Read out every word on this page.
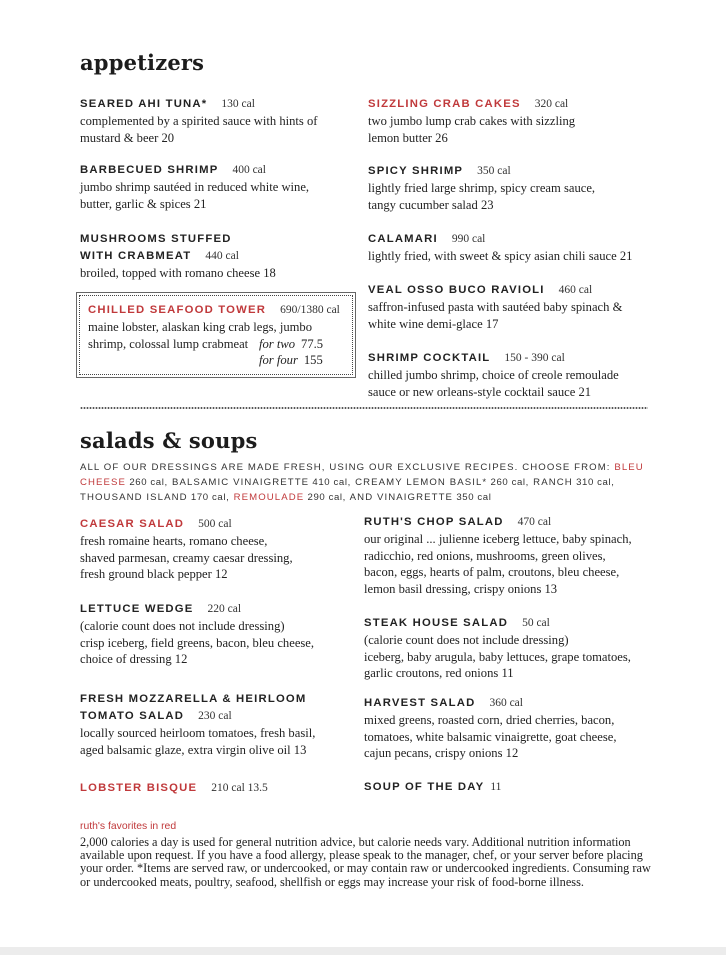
appetizers
SEARED AHI TUNA* 130 cal
complemented by a spirited sauce with hints of
mustard & beer 20
BARBECUED SHRIMP 400 cal
jumbo shrimp sautéed in reduced white wine,
butter, garlic & spices 21
MUSHROOMS STUFFED
WITH CRABMEAT 440 cal
broiled, topped with romano cheese 18
CHILLED SEAFOOD TOWER 690/1380 cal
maine lobster, alaskan king crab legs, jumbo
shrimp, colossal lump crabmeat for two 77.5
for four 155
SIZZLING CRAB CAKES 320 cal
two jumbo lump crab cakes with sizzling
lemon butter 26
SPICY SHRIMP 350 cal
lightly fried large shrimp, spicy cream sauce,
tangy cucumber salad 23
CALAMARI 990 cal
lightly fried, with sweet & spicy asian chili sauce 21
VEAL OSSO BUCO RAVIOLI 460 cal
saffron-infused pasta with sautéed baby spinach &
white wine demi-glace 17
SHRIMP COCKTAIL 150 - 390 cal
chilled jumbo shrimp, choice of creole remoulade
sauce or new orleans-style cocktail sauce 21
salads & soups
ALL OF OUR DRESSINGS ARE MADE FRESH, USING OUR EXCLUSIVE RECIPES. CHOOSE FROM: BLEU CHEESE 260 cal, BALSAMIC VINAIGRETTE 410 cal, CREAMY LEMON BASIL* 260 cal, RANCH 310 cal, THOUSAND ISLAND 170 cal, REMOULADE 290 cal, AND VINAIGRETTE 350 cal
CAESAR SALAD 500 cal
fresh romaine hearts, romano cheese,
shaved parmesan, creamy caesar dressing,
fresh ground black pepper 12
LETTUCE WEDGE 220 cal
(calorie count does not include dressing)
crisp iceberg, field greens, bacon, bleu cheese,
choice of dressing 12
FRESH MOZZARELLA & HEIRLOOM
TOMATO SALAD 230 cal
locally sourced heirloom tomatoes, fresh basil,
aged balsamic glaze, extra virgin olive oil 13
LOBSTER BISQUE 210 cal 13.5
RUTH'S CHOP SALAD 470 cal
our original ... julienne iceberg lettuce, baby spinach,
radicchio, red onions, mushrooms, green olives,
bacon, eggs, hearts of palm, croutons, bleu cheese,
lemon basil dressing, crispy onions 13
STEAK HOUSE SALAD 50 cal
(calorie count does not include dressing)
iceberg, baby arugula, baby lettuces, grape tomatoes,
garlic croutons, red onions 11
HARVEST SALAD 360 cal
mixed greens, roasted corn, dried cherries, bacon,
tomatoes, white balsamic vinaigrette, goat cheese,
cajun pecans, crispy onions 12
SOUP OF THE DAY 11
ruth's favorites in red
2,000 calories a day is used for general nutrition advice, but calorie needs vary. Additional nutrition information available upon request. If you have a food allergy, please speak to the manager, chef, or your server before placing your order. *Items are served raw, or undercooked, or may contain raw or undercooked ingredients. Consuming raw or undercooked meats, poultry, seafood, shellfish or eggs may increase your risk of food-borne illness.
